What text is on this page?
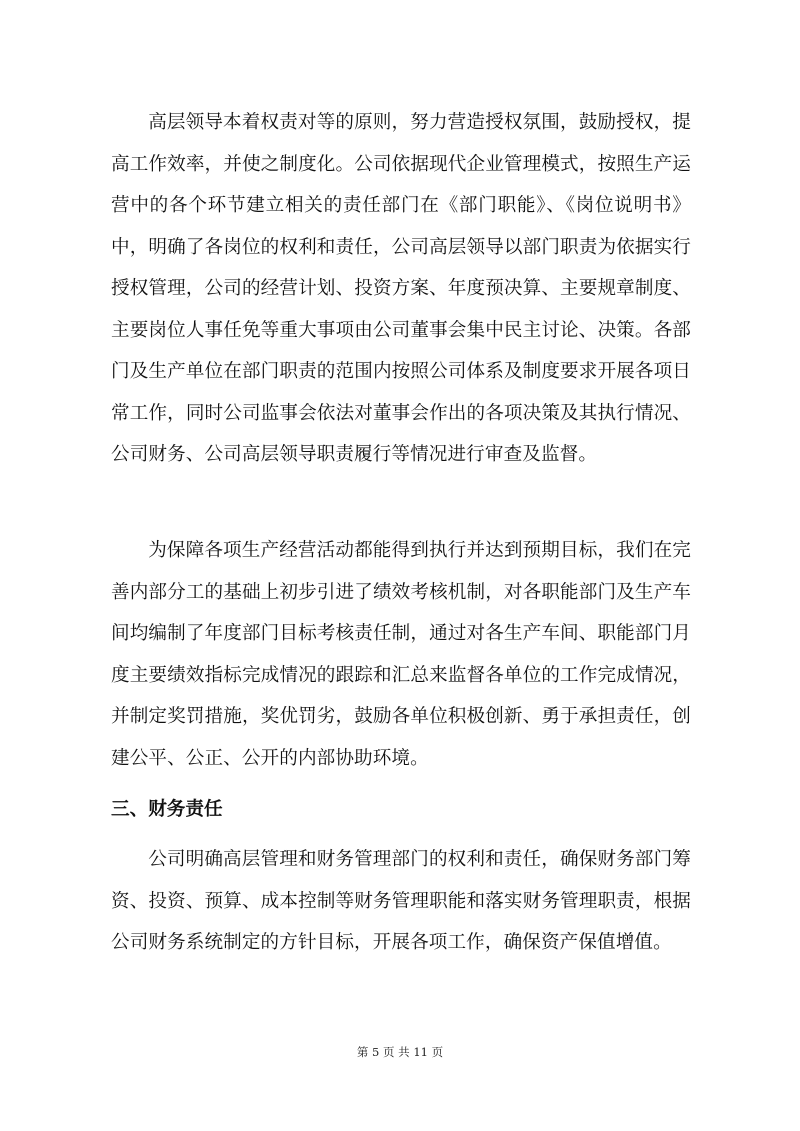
高层领导本着权责对等的原则，努力营造授权氛围，鼓励授权，提高工作效率，并使之制度化。公司依据现代企业管理模式，按照生产运营中的各个环节建立相关的责任部门在《部门职能》、《岗位说明书》中，明确了各岗位的权利和责任，公司高层领导以部门职责为依据实行授权管理，公司的经营计划、投资方案、年度预决算、主要规章制度、主要岗位人事任免等重大事项由公司董事会集中民主讨论、决策。各部门及生产单位在部门职责的范围内按照公司体系及制度要求开展各项日常工作，同时公司监事会依法对董事会作出的各项决策及其执行情况、公司财务、公司高层领导职责履行等情况进行审查及监督。

为保障各项生产经营活动都能得到执行并达到预期目标，我们在完善内部分工的基础上初步引进了绩效考核机制，对各职能部门及生产车间均编制了年度部门目标考核责任制，通过对各生产车间、职能部门月度主要绩效指标完成情况的跟踪和汇总来监督各单位的工作完成情况，并制定奖罚措施，奖优罚劣，鼓励各单位积极创新、勇于承担责任，创建公平、公正、公开的内部协助环境。

三、财务责任

公司明确高层管理和财务管理部门的权利和责任，确保财务部门筹资、投资、预算、成本控制等财务管理职能和落实财务管理职责，根据公司财务系统制定的方针目标，开展各项工作，确保资产保值增值。

第 5 页 共 11 页
